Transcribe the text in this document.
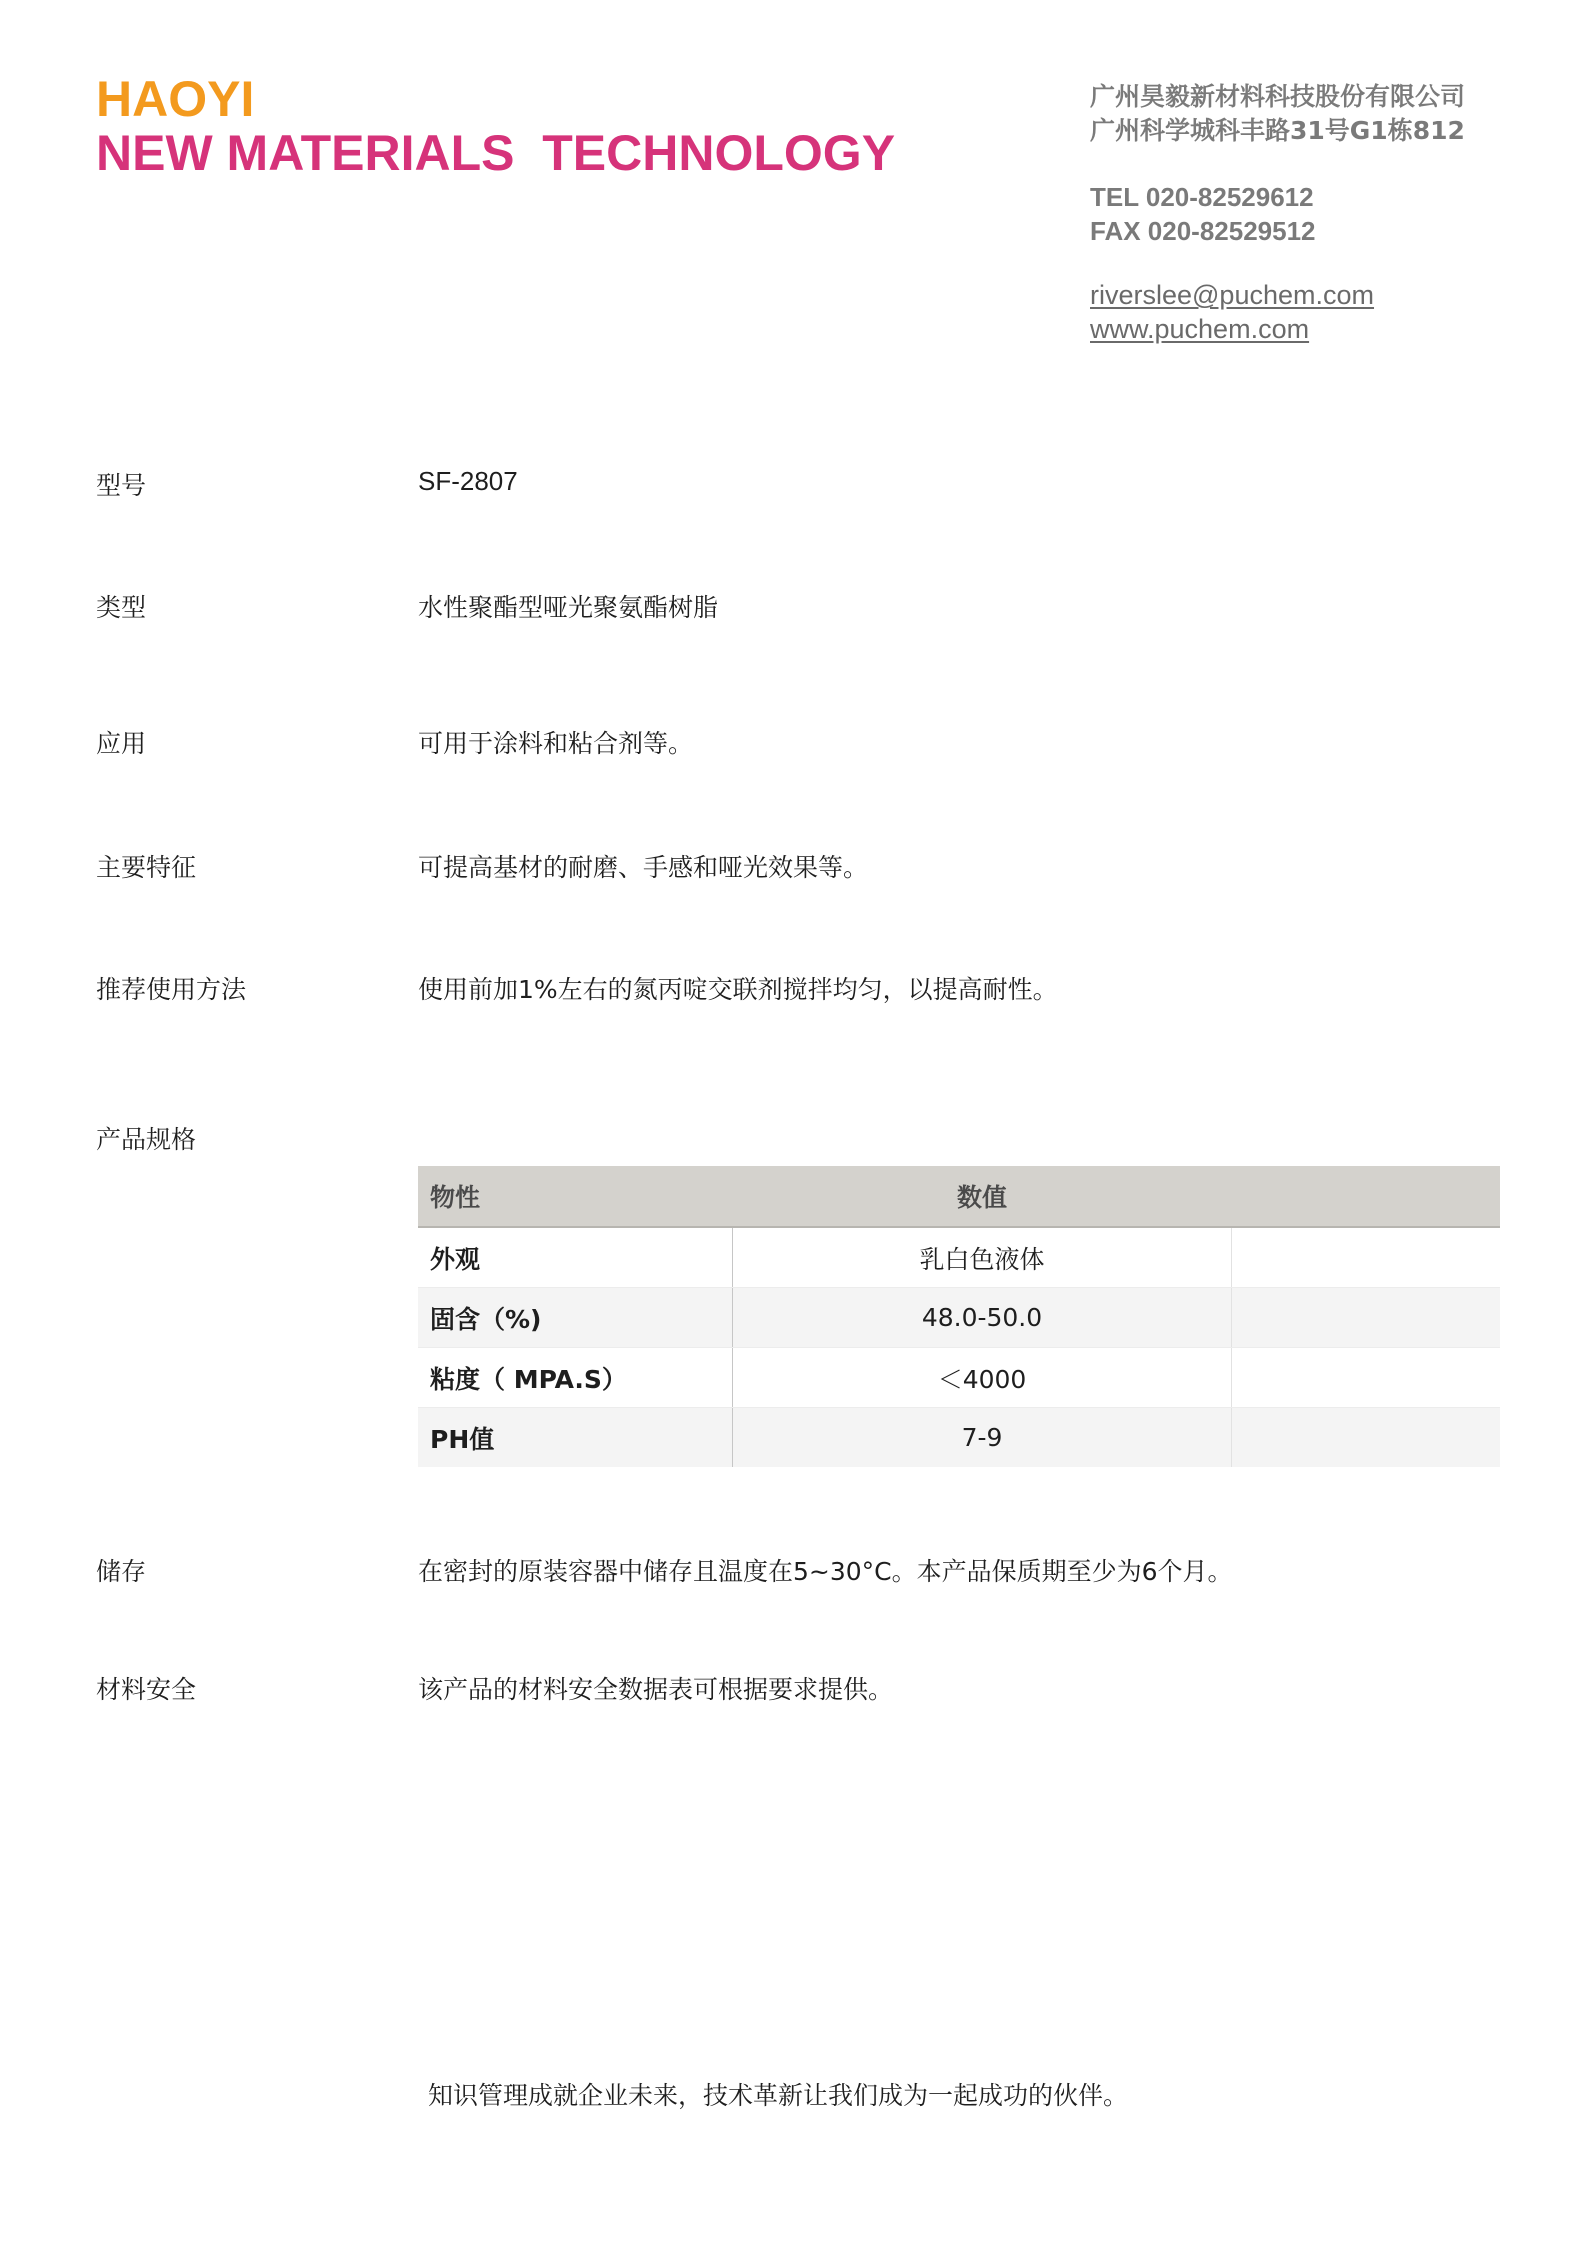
HAOYI
NEW MATERIALS  TECHNOLOGY
广州昊毅新材料科技股份有限公司
广州科学城科丰路31号G1栋812
TEL 020-82529612
FAX 020-82529512
riverslee@puchem.com
www.puchem.com
型号	SF-2807
类型	水性聚酯型哑光聚氨酯树脂
应用	可用于涂料和粘合剂等。
主要特征	可提高基材的耐磨、手感和哑光效果等。
推荐使用方法	使用前加1%左右的氮丙啶交联剂搅拌均匀，以提高耐性。
产品规格
物性	数值	
外观	乳白色液体	
固含（%)	48.0-50.0	
粘度（ MPA.S）	＜4000	
PH值	7-9	
储存	在密封的原装容器中储存且温度在5~30°C。本产品保质期至少为6个月。
材料安全	该产品的材料安全数据表可根据要求提供。
知识管理成就企业未来，技术革新让我们成为一起成功的伙伴。
